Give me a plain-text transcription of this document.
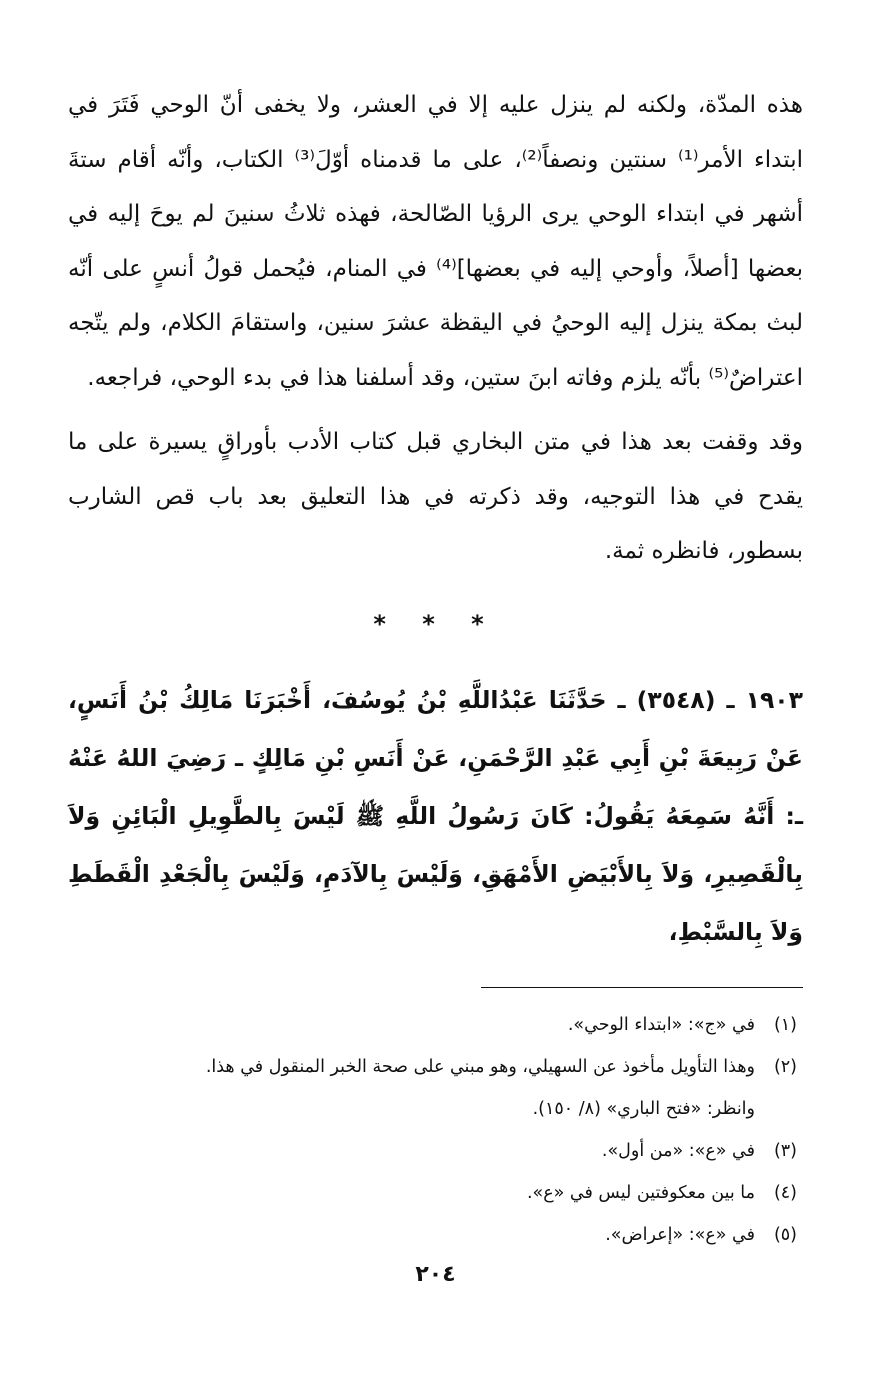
هذه المدّة، ولكنه لم ينزل عليه إلا في العشر، ولا يخفى أنّ الوحي فَتَرَ في ابتداء الأمر⁽¹⁾ سنتين ونصفاً⁽²⁾، على ما قدمناه أوّلَ⁽³⁾ الكتاب، وأنّه أقام ستةَ أشهر في ابتداء الوحي يرى الرؤيا الصّالحة، فهذه ثلاثُ سنينَ لم يوحَ إليه في بعضها [أصلاً، وأوحي إليه في بعضها]⁽⁴⁾ في المنام، فيُحمل قولُ أنسٍ على أنّه لبث بمكة ينزل إليه الوحيُ في اليقظة عشرَ سنين، واستقامَ الكلام، ولم يتّجه اعتراضٌ⁽⁵⁾ بأنّه يلزم وفاته ابنَ ستين، وقد أسلفنا هذا في بدء الوحي، فراجعه.

وقد وقفت بعد هذا في متن البخاري قبل كتاب الأدب بأوراقٍ يسيرة على ما يقدح في هذا التوجيه، وقد ذكرته في هذا التعليق بعد باب قص الشارب بسطور، فانظره ثمة.

* * *

١٩٠٣ ـ (٣٥٤٨) ـ حَدَّثَنَا عَبْدُاللَّهِ بْنُ يُوسُفَ، أَخْبَرَنَا مَالِكُ بْنُ أَنَسٍ، عَنْ رَبِيعَةَ بْنِ أَبِي عَبْدِ الرَّحْمَنِ، عَنْ أَنَسِ بْنِ مَالِكٍ ـ رَضِيَ اللهُ عَنْهُ ـ: أَنَّهُ سَمِعَهُ يَقُولُ: كَانَ رَسُولُ اللَّهِ ﷺ لَيْسَ بِالطَّوِيلِ الْبَائِنِ وَلاَ بِالْقَصِيرِ، وَلاَ بِالأَبْيَضِ الأَمْهَقِ، وَلَيْسَ بِالآدَمِ، وَلَيْسَ بِالْجَعْدِ الْقَطَطِ وَلاَ بِالسَّبْطِ،

(١)
في «ج»: «ابتداء الوحي».
(٢)
وهذا التأويل مأخوذ عن السهيلي، وهو مبني على صحة الخبر المنقول في هذا.
وانظر: «فتح الباري» (٨/ ١٥٠).
(٣)
في «ع»: «من أول».
(٤)
ما بين معكوفتين ليس في «ع».
(٥)
في «ع»: «إعراض».
٢٠٤
